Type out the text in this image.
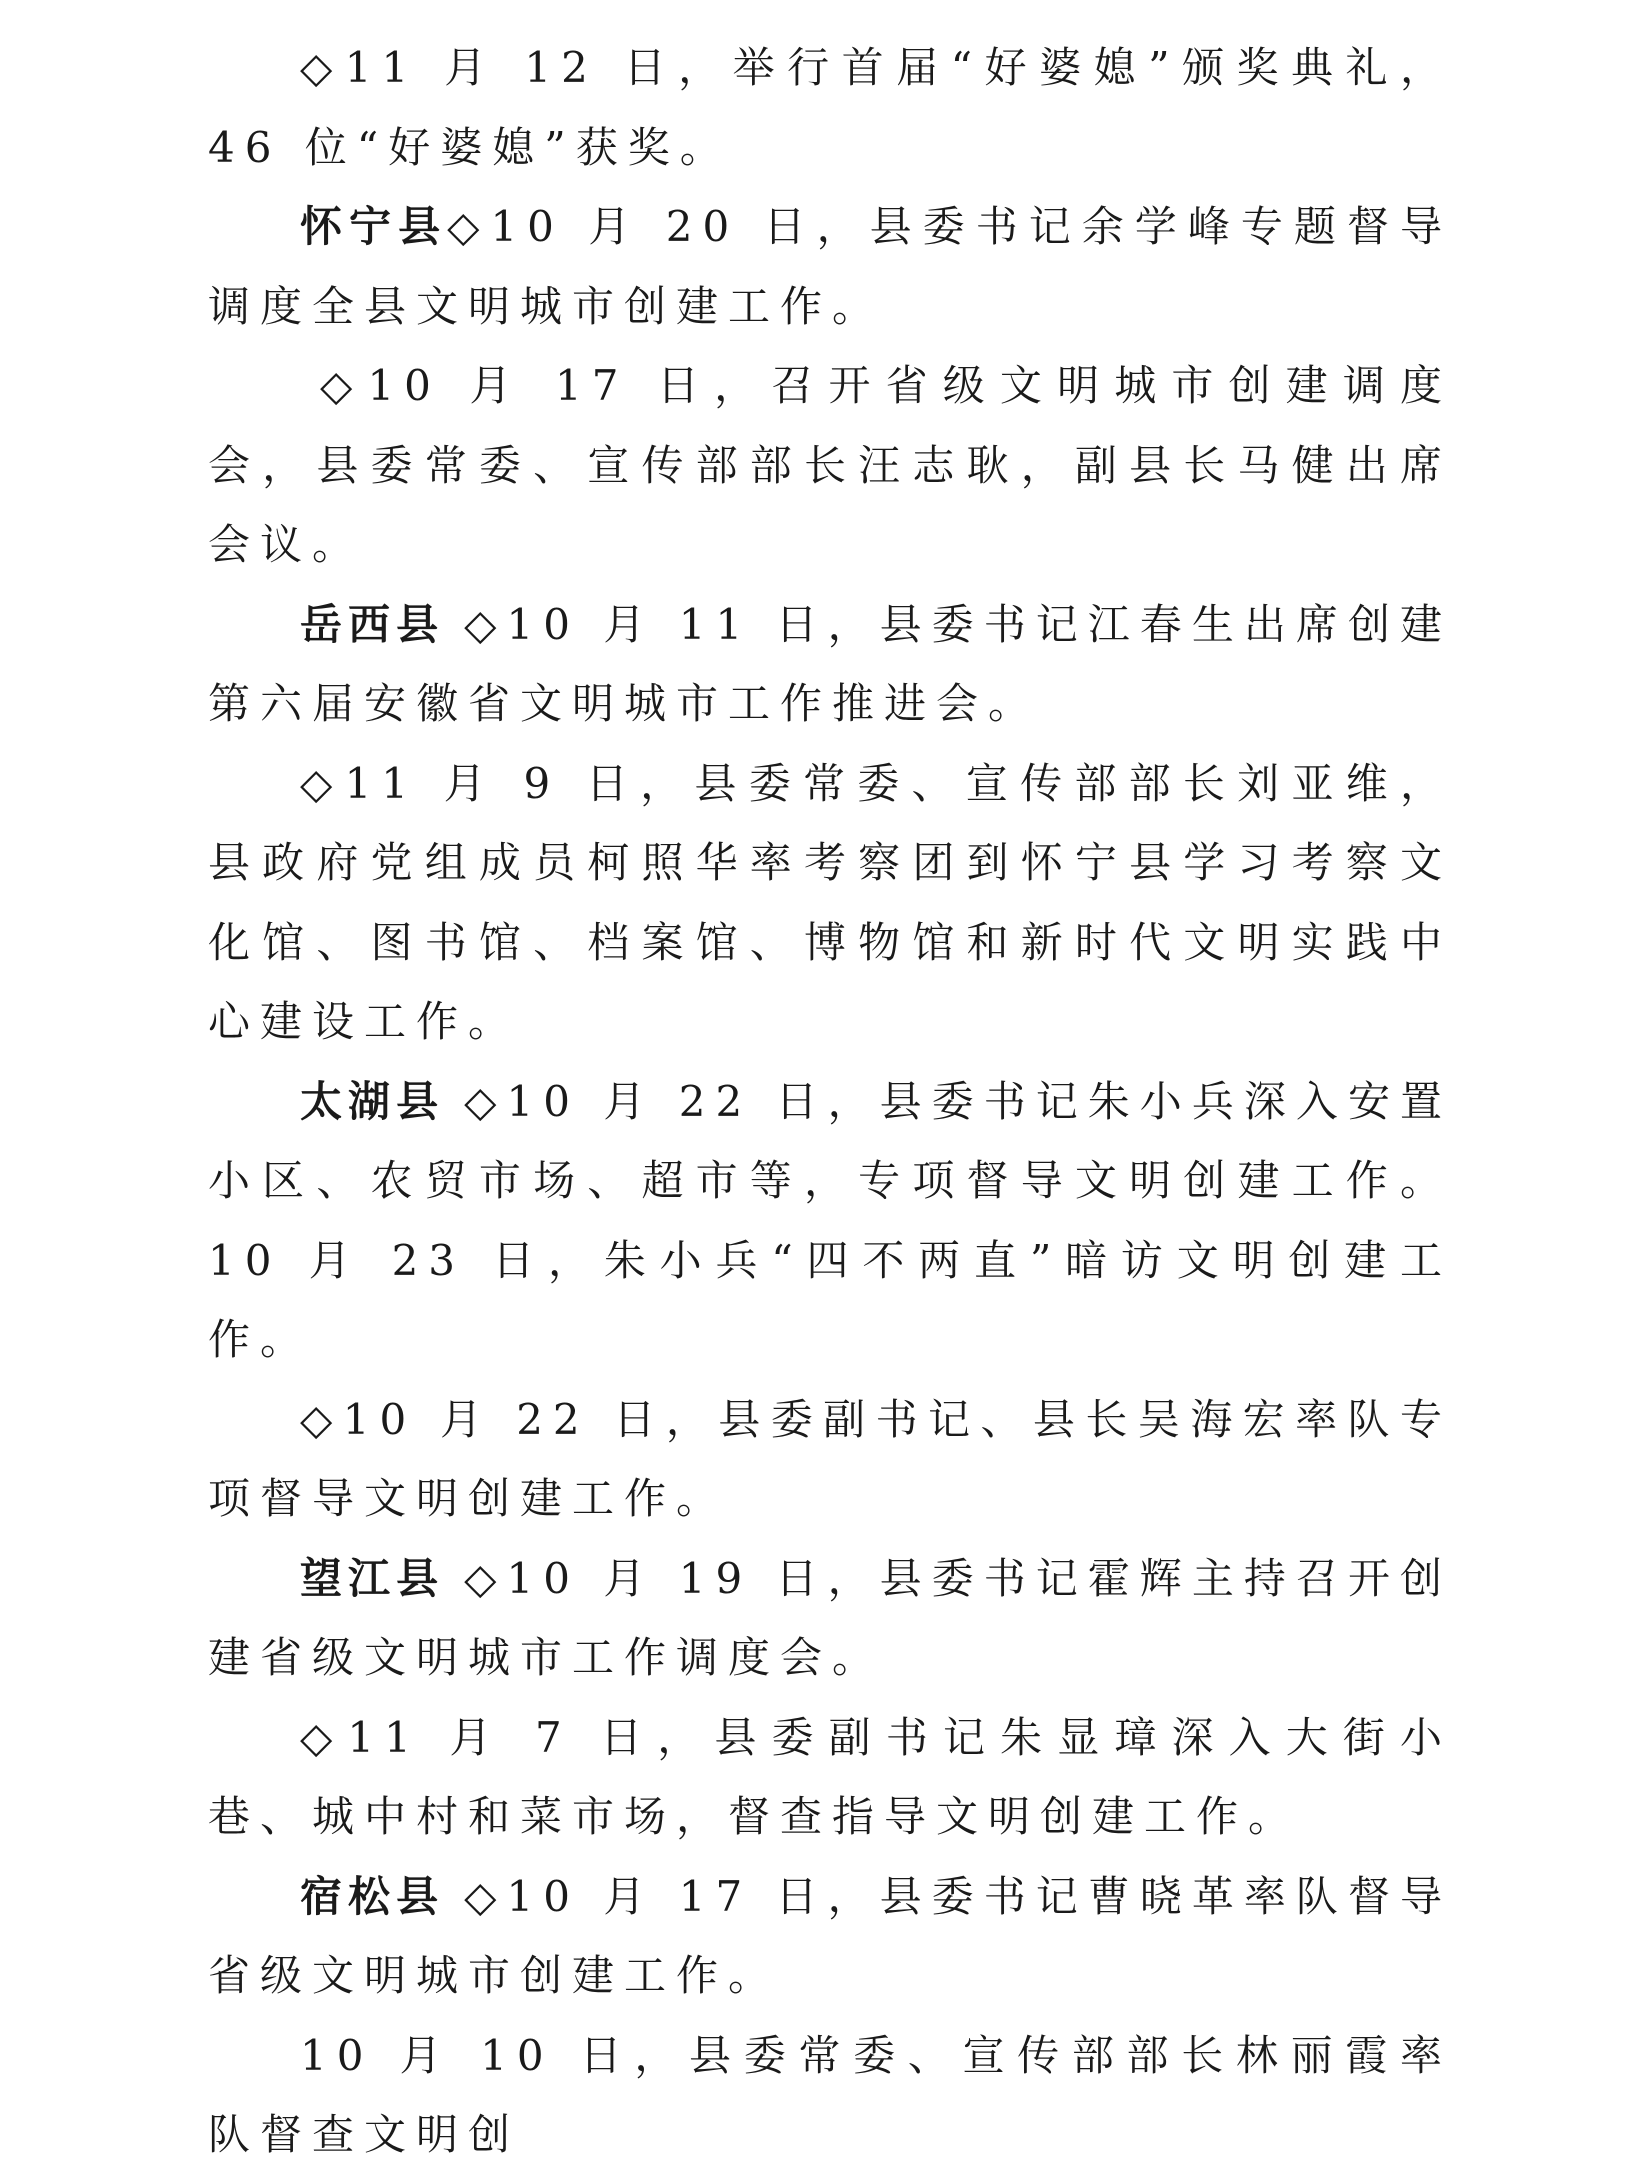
◇11 月 12 日，举行首届“好婆媳”颁奖典礼，46 位“好婆媳”获奖。

怀宁县◇10 月 20 日，县委书记余学峰专题督导调度全县文明城市创建工作。

◇10 月 17 日，召开省级文明城市创建调度会，县委常委、宣传部部长汪志耿，副县长马健出席会议。

岳西县 ◇10 月 11 日，县委书记江春生出席创建第六届安徽省文明城市工作推进会。

◇11 月 9 日，县委常委、宣传部部长刘亚维，县政府党组成员柯照华率考察团到怀宁县学习考察文化馆、图书馆、档案馆、博物馆和新时代文明实践中心建设工作。

太湖县 ◇10 月 22 日，县委书记朱小兵深入安置小区、农贸市场、超市等，专项督导文明创建工作。10 月 23 日，朱小兵“四不两直”暗访文明创建工作。

◇10 月 22 日，县委副书记、县长吴海宏率队专项督导文明创建工作。

望江县 ◇10 月 19 日，县委书记霍辉主持召开创建省级文明城市工作调度会。

◇11 月 7 日，县委副书记朱显璋深入大街小巷、城中村和菜市场，督查指导文明创建工作。

宿松县 ◇10 月 17 日，县委书记曹晓革率队督导省级文明城市创建工作。

10 月 10 日，县委常委、宣传部部长林丽霞率队督查文明创
